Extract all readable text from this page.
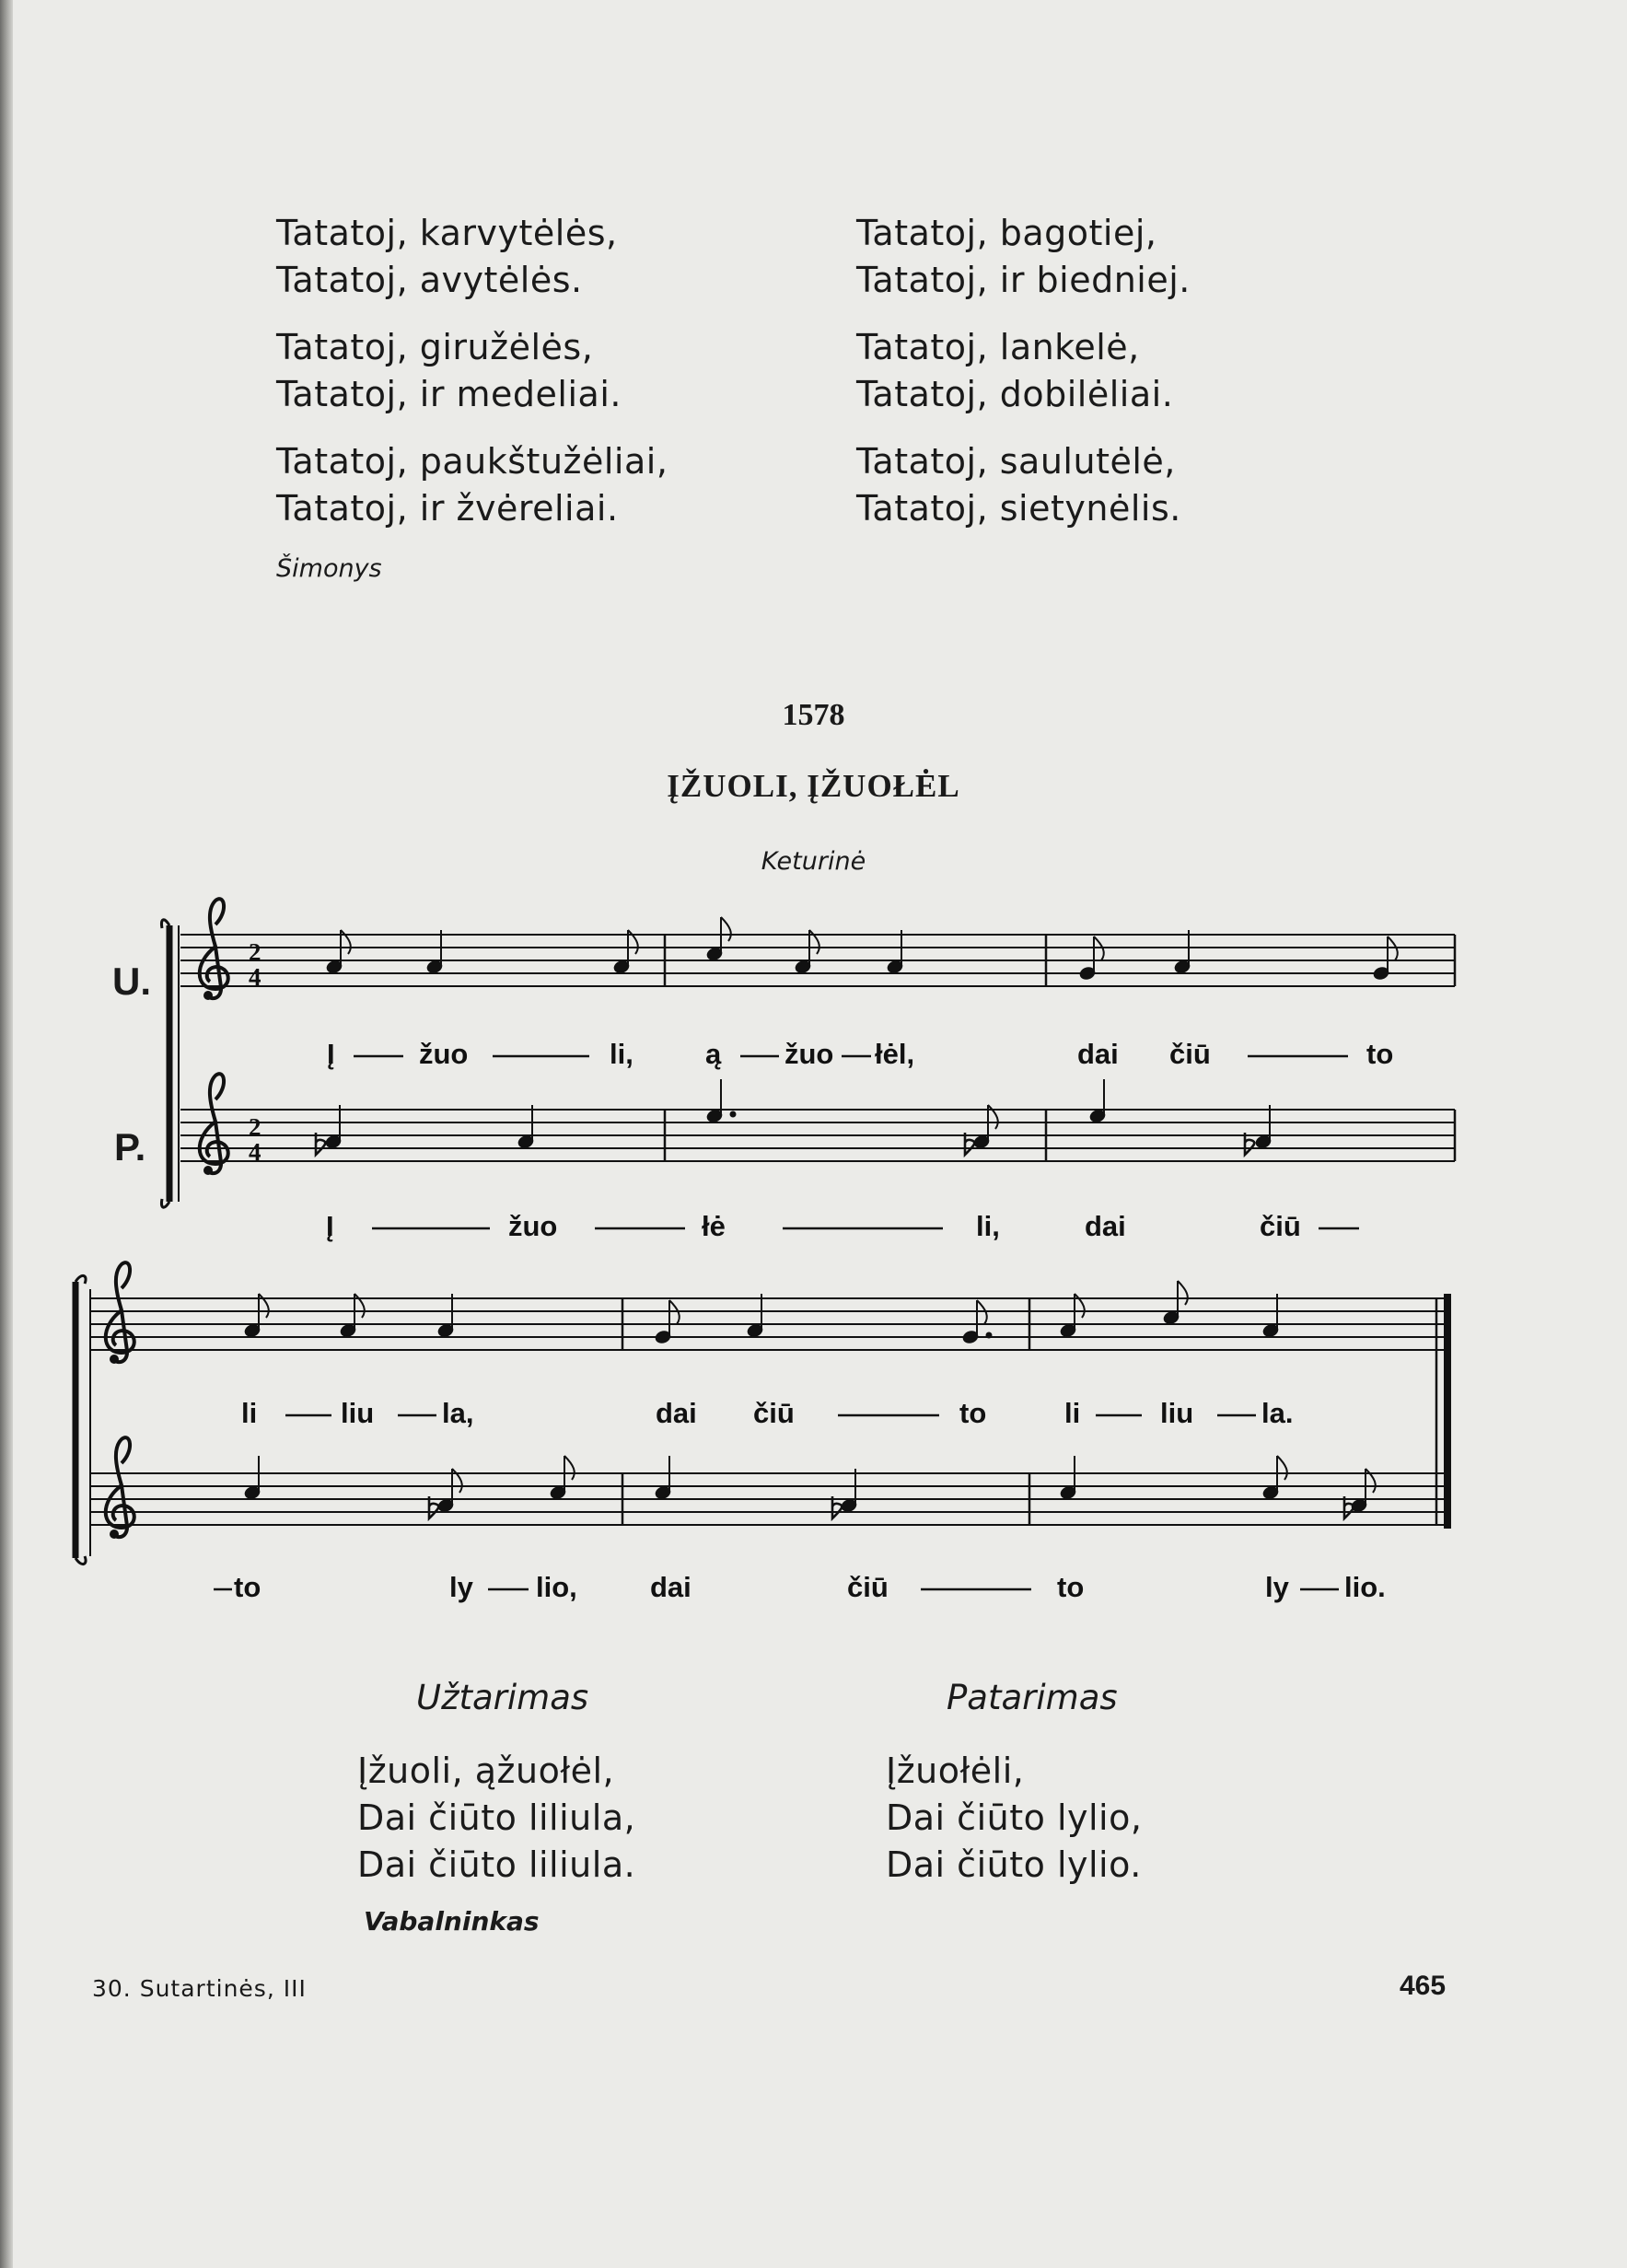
Tatatoj, karvytėlės,
Tatatoj, avytėlės.
Tatatoj, giružėlės,
Tatatoj, ir medeliai.
Tatatoj, paukštužėliai,
Tatatoj, ir žvėreliai.
Tatatoj, bagotiej,
Tatatoj, ir biedniej.
Tatatoj, lankelė,
Tatatoj, dobilėliai.
Tatatoj, saulutėlė,
Tatatoj, sietynėlis.
Šimonys
1578
ĮŽUOLI, ĮŽUOŁĖL
Keturinė
U.
P.
2
4
Į	žuo	li,	ą žuo łėl,	dai čiū	to
2
4
Į	žuo	łė	li,	dai	čiū
li	liu la,	dai čiū	to	li	liu la.
to	ly lio,	dai	čiū	to	ly lio.
Užtarimas	Patarimas
Įžuoli, ąžuołėl,
Dai čiūto liliula,
Dai čiūto liliula.
Įžuołėli,
Dai čiūto lylio,
Dai čiūto lylio.
Vabalninkas
30. Sutartinės, III	465
